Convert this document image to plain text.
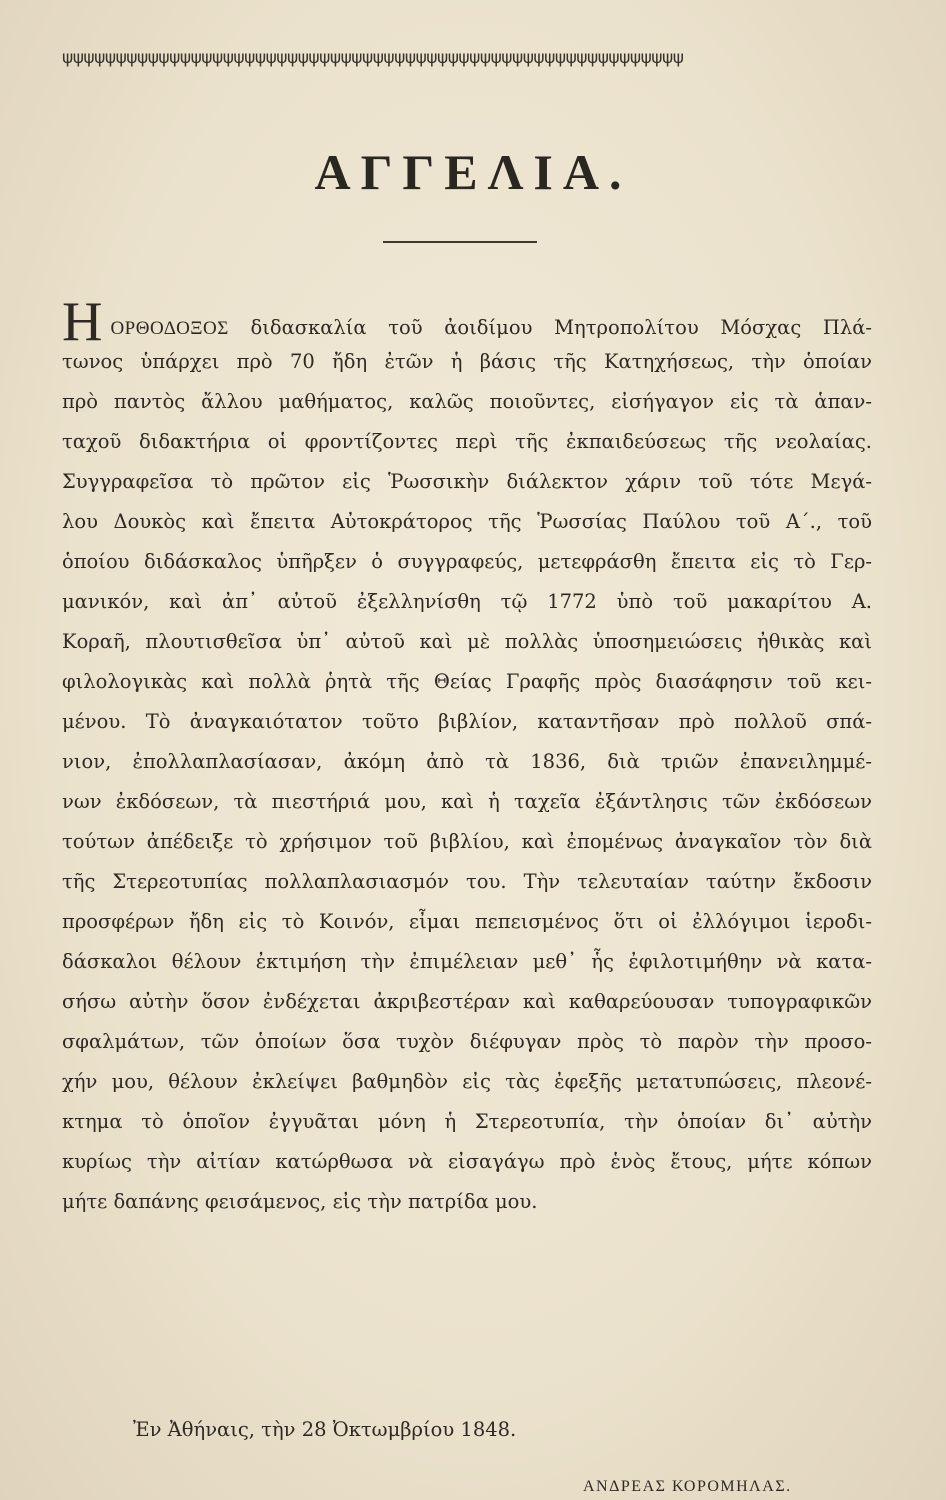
ψψψψψψψψψψψψψψψψψψψψψψψψψψψψψψψψψψψψψψψψψψψψψψψψψψψψψψψψψψ
ΑΓΓΕΛΙΑ.
ΗΟΡΘΟΔΟΞΟΣ διδασκαλία τοῦ ἀοιδίμου Μητροπολίτου Μόσχας Πλά-
τωνος ὑπάρχει πρὸ 70 ἤδη ἐτῶν ἡ βάσις τῆς Κατηχήσεως, τὴν ὁποίαν
πρὸ παντὸς ἄλλου μαθήματος, καλῶς ποιοῦντες, εἰσήγαγον εἰς τὰ ἁπαν-
ταχοῦ διδακτήρια οἱ φροντίζοντες περὶ τῆς ἐκπαιδεύσεως τῆς νεολαίας.
Συγγραφεῖσα τὸ πρῶτον εἰς Ῥωσσικὴν διάλεκτον χάριν τοῦ τότε Μεγά-
λου Δουκὸς καὶ ἔπειτα Αὐτοκράτορος τῆς Ῥωσσίας Παύλου τοῦ Α΄., τοῦ
ὁποίου διδάσκαλος ὑπῆρξεν ὁ συγγραφεύς, μετεφράσθη ἔπειτα εἰς τὸ Γερ-
μανικόν, καὶ ἀπ᾿ αὐτοῦ ἐξελληνίσθη τῷ 1772 ὑπὸ τοῦ μακαρίτου Α.
Κοραῆ, πλουτισθεῖσα ὑπ᾿ αὐτοῦ καὶ μὲ πολλὰς ὑποσημειώσεις ἠθικὰς καὶ
φιλολογικὰς καὶ πολλὰ ῥητὰ τῆς Θείας Γραφῆς πρὸς διασάφησιν τοῦ κει-
μένου. Τὸ ἀναγκαιότατον τοῦτο βιβλίον, καταντῆσαν πρὸ πολλοῦ σπά-
νιον, ἐπολλαπλασίασαν, ἀκόμη ἀπὸ τὰ 1836, διὰ τριῶν ἐπανειλημμέ-
νων ἐκδόσεων, τὰ πιεστήριά μου, καὶ ἡ ταχεῖα ἐξάντλησις τῶν ἐκδόσεων
τούτων ἀπέδειξε τὸ χρήσιμον τοῦ βιβλίου, καὶ ἐπομένως ἀναγκαῖον τὸν διὰ
τῆς Στερεοτυπίας πολλαπλασιασμόν του. Τὴν τελευταίαν ταύτην ἔκδοσιν
προσφέρων ἤδη εἰς τὸ Κοινόν, εἶμαι πεπεισμένος ὅτι οἱ ἐλλόγιμοι ἱεροδι-
δάσκαλοι θέλουν ἐκτιμήση τὴν ἐπιμέλειαν μεθ᾿ ἧς ἐφιλοτιμήθην νὰ κατα-
σήσω αὐτὴν ὅσον ἐνδέχεται ἀκριβεστέραν καὶ καθαρεύουσαν τυπογραφικῶν
σφαλμάτων, τῶν ὁποίων ὅσα τυχὸν διέφυγαν πρὸς τὸ παρὸν τὴν προσο-
χήν μου, θέλουν ἐκλείψει βαθμηδὸν εἰς τὰς ἐφεξῆς μετατυπώσεις, πλεονέ-
κτημα τὸ ὁποῖον ἐγγυᾶται μόνη ἡ Στερεοτυπία, τὴν ὁποίαν δι᾿ αὐτὴν
κυρίως τὴν αἰτίαν κατώρθωσα νὰ εἰσαγάγω πρὸ ἑνὸς ἔτους, μήτε κόπων
μήτε δαπάνης φεισάμενος, εἰς τὴν πατρίδα μου.
Ἐν Ἀθήναις, τὴν 28 Ὀκτωμβρίου 1848.
ΑΝΔΡΕΑΣ ΚΟΡΟΜΗΛΑΣ.
